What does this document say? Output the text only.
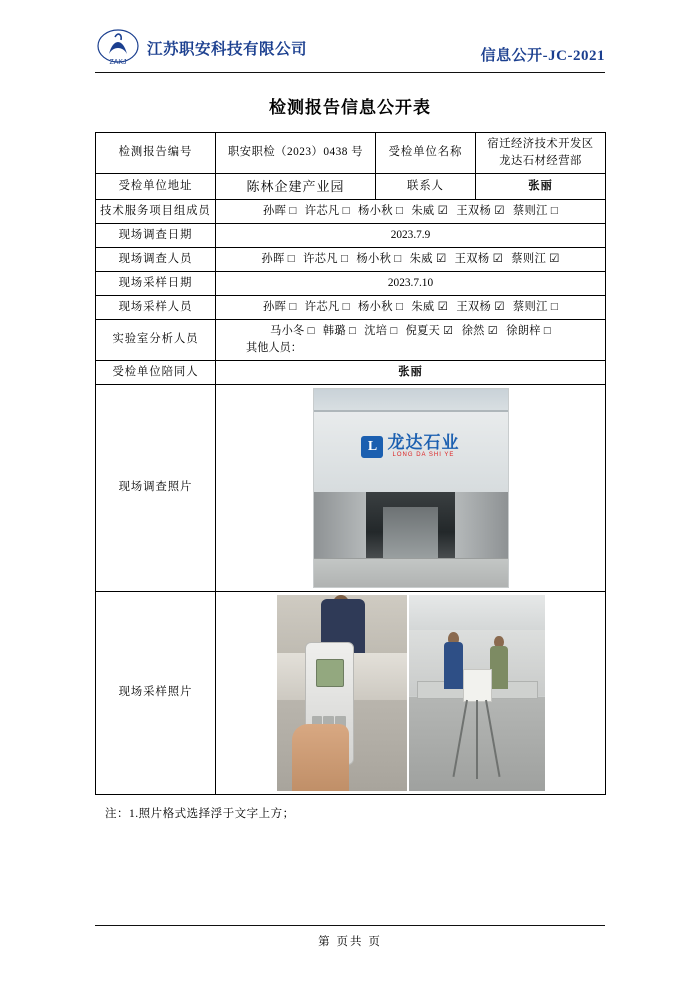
ZAKJ
江苏职安科技有限公司	信息公开-JC-2021
检测报告信息公开表
检测报告编号	职安职检（2023）0438 号	受检单位名称	宿迁经济技术开发区
龙达石材经营部

受检单位地址	陈林企建产业园	联系人	张丽
技术服务项目组成员	孙晖 □ 许芯凡 □ 杨小秋 □ 朱威 ☑ 王双杨 ☑ 蔡则江 □		
现场调查日期	2023.7.9		
现场调查人员	孙晖 □ 许芯凡 □ 杨小秋 □ 朱威 ☑ 王双杨 ☑ 蔡则江 ☑		
现场采样日期	2023.7.10		
现场采样人员	孙晖 □ 许芯凡 □ 杨小秋 □ 朱威 ☑ 王双杨 ☑ 蔡则江 □		
实验室分析人员	马小冬 □ 韩璐 □ 沈培 □ 倪夏天 ☑ 徐然 ☑ 徐朗梓 □
其他人员：		

受检单位陪同人	张丽		
现场调查照片	L 龙达石业
LONG DA SHI YE		

现场采样照片			
注：1.照片格式选择浮于文字上方；
第 页共 页
